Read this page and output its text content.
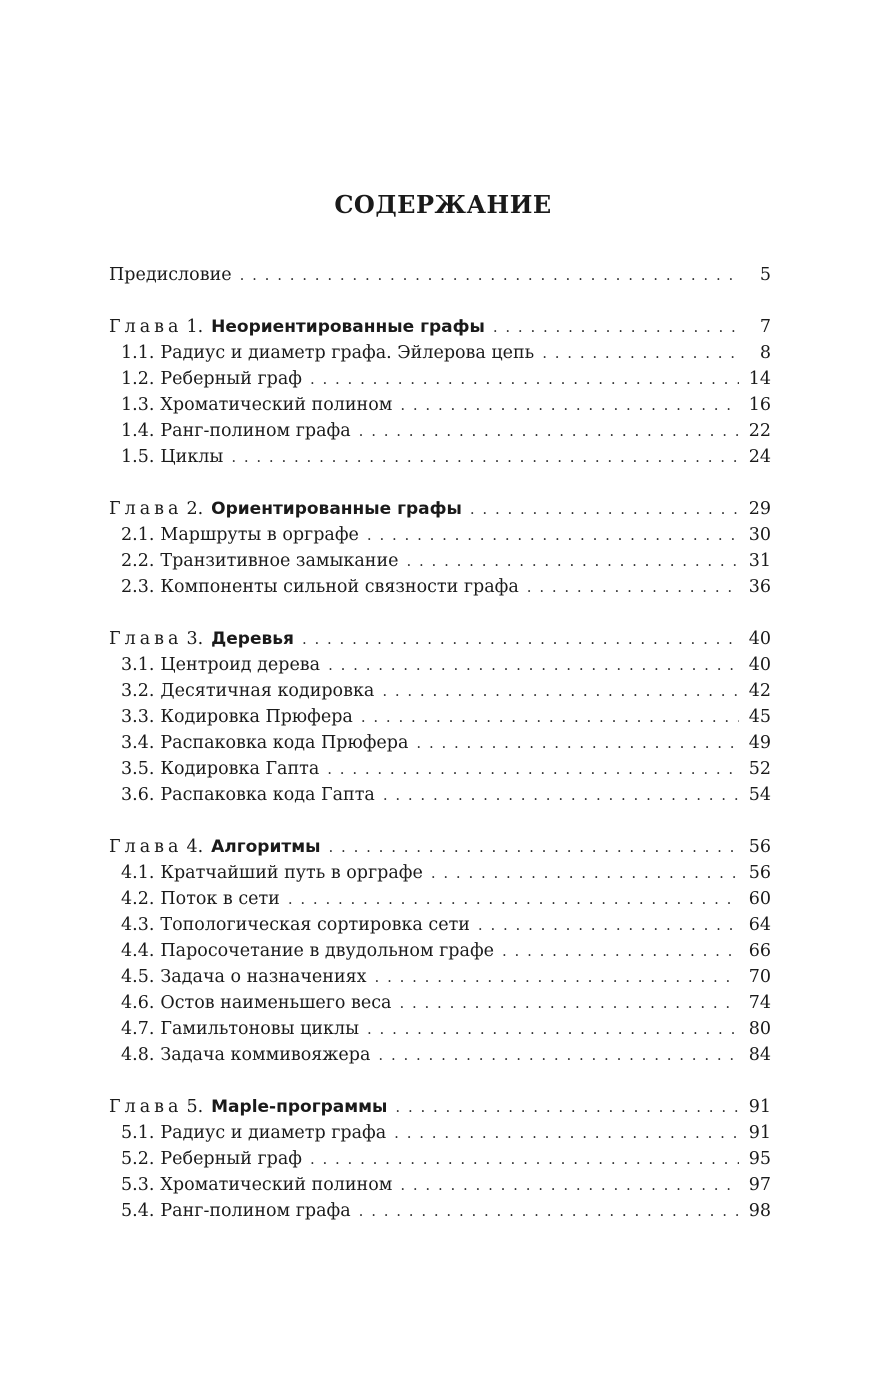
СОДЕРЖАНИЕ
Предисловие . . .	5
Глава 1. Неориентированные графы . . .	7
1.1. Радиус и диаметр графа. Эйлерова цепь . . .	8
1.2. Реберный граф . . .	14
1.3. Хроматический полином . . .	16
1.4. Ранг-полином графа . . .	22
1.5. Циклы . . .	24
Глава 2. Ориентированные графы . . .	29
2.1. Маршруты в орграфе . . .	30
2.2. Транзитивное замыкание . . .	31
2.3. Компоненты сильной связности графа . . .	36
Глава 3. Деревья . . .	40
3.1. Центроид дерева . . .	40
3.2. Десятичная кодировка . . .	42
3.3. Кодировка Прюфера . . .	45
3.4. Распаковка кода Прюфера . . .	49
3.5. Кодировка Гапта . . .	52
3.6. Распаковка кода Гапта . . .	54
Глава 4. Алгоритмы . . .	56
4.1. Кратчайший путь в орграфе . . .	56
4.2. Поток в сети . . .	60
4.3. Топологическая сортировка сети . . .	64
4.4. Паросочетание в двудольном графе . . .	66
4.5. Задача о назначениях . . .	70
4.6. Остов наименьшего веса . . .	74
4.7. Гамильтоновы циклы . . .	80
4.8. Задача коммивояжера . . .	84
Глава 5. Maple-программы . . .	91
5.1. Радиус и диаметр графа . . .	91
5.2. Реберный граф . . .	95
5.3. Хроматический полином . . .	97
5.4. Ранг-полином графа . . .	98
